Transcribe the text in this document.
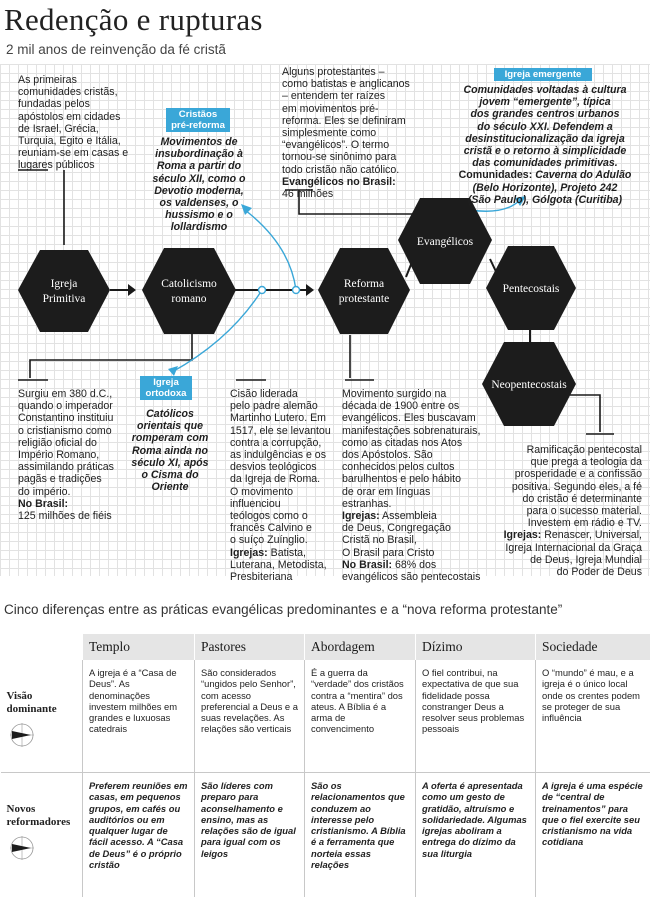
Redenção e rupturas
2 mil anos de reinvenção da fé cristã
Igreja
Primitiva
Catolicismo
romano
Reforma
protestante
Evangélicos
Pentecostais
Neopentecostais
As primeiras
comunidades cristãs,
fundadas pelos
apóstolos em cidades
de Israel, Grécia,
Turquia, Egito e Itália,
reuniam-se em casas e
lugares públicos
Cristãos
pré-reforma
Movimentos de
insubordinação à
Roma a partir do
século XII, como o
Devotio moderna,
os valdenses, o
hussismo e o
lollardismo
Alguns protestantes –
como batistas e anglicanos
– entendem ter raízes
em movimentos pré-
reforma. Eles se definiram
simplesmente como
“evangélicos”. O termo
tornou-se sinônimo para
todo cristão não católico.
Evangélicos no Brasil:
46 milhões
Igreja emergente
Comunidades voltadas à cultura
jovem “emergente”, típica
dos grandes centros urbanos
do século XXI. Defendem a
desinstitucionalização da igreja
cristã e o retorno à simplicidade
das comunidades primitivas.
Comunidades: Caverna do Adulão
(Belo Horizonte), Projeto 242
(São Paulo), Gólgota (Curitiba)
Surgiu em 380 d.C.,
quando o imperador
Constantino instituiu
o cristianismo como
religião oficial do
Império Romano,
assimilando práticas
pagãs e tradições
do império.
No Brasil:
125 milhões de fiéis
Igreja
ortodoxa
Católicos
orientais que
romperam com
Roma ainda no
século XI, após
o Cisma do
Oriente
Cisão liderada
pelo padre alemão
Martinho Lutero. Em
1517, ele se levantou
contra a corrupção,
as indulgências e os
desvios teológicos
da Igreja de Roma.
O movimento
influenciou
teólogos como o
francês Calvino e
o suíço Zuínglio.
Igrejas: Batista,
Luterana, Metodista,
Presbiteriana
Movimento surgido na
década de 1900 entre os
evangélicos. Eles buscavam
manifestações sobrenaturais,
como as citadas nos Atos
dos Apóstolos. São
conhecidos pelos cultos
barulhentos e pelo hábito
de orar em línguas
estranhas.
Igrejas: Assembleia
de Deus, Congregação
Cristã no Brasil,
O Brasil para Cristo
No Brasil: 68% dos
evangélicos são pentecostais
Ramificação pentecostal
que prega a teologia da
prosperidade e a confissão
positiva. Segundo eles, a fé
do cristão é determinante
para o sucesso material.
Investem em rádio e TV.
Igrejas: Renascer, Universal,
Igreja Internacional da Graça
de Deus, Igreja Mundial
do Poder de Deus
Cinco diferenças entre as práticas evangélicas predominantes e a “nova reforma protestante”
	Templo	Pastores	Abordagem	Dízimo	Sociedade

Visão
dominante	A igreja é a “Casa de Deus”. As denominações investem milhões em grandes e luxuosas catedrais	São considerados “ungidos pelo Senhor”, com acesso preferencial a Deus e a suas revelações. As relações são verticais	É a guerra da “verdade” dos cristãos contra a “mentira” dos ateus. A Bíblia é a arma de convencimento	O fiel contribui, na expectativa de que sua fidelidade possa constranger Deus a resolver seus problemas pessoais	O “mundo” é mau, e a igreja é o único local onde os crentes podem se proteger de sua influência

Novos
reformadores	Preferem reuniões em casas, em pequenos grupos, em cafés ou auditórios ou em qualquer lugar de fácil acesso. A “Casa de Deus” é o próprio cristão	São líderes com preparo para aconselhamento e ensino, mas as relações são de igual para igual com os leigos	São os relacionamentos que conduzem ao interesse pelo cristianismo. A Bíblia é a ferramenta que norteia essas relações	A oferta é apresentada como um gesto de gratidão, altruísmo e solidariedade. Algumas igrejas aboliram a entrega do dízimo da sua liturgia	A igreja é uma espécie de “central de treinamentos” para que o fiel exercite seu cristianismo na vida cotidiana
